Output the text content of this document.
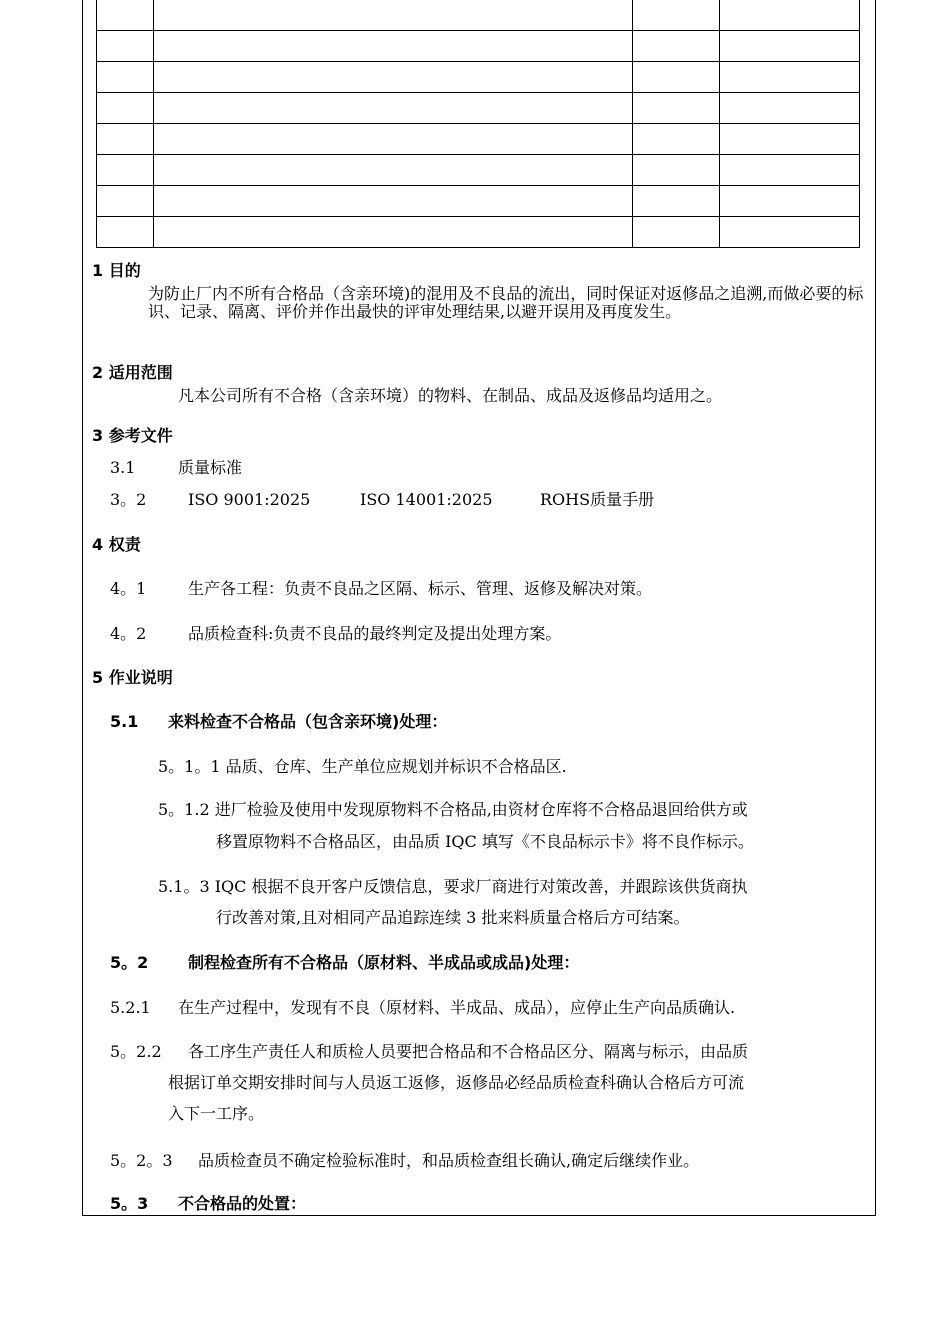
1 目的
为防止厂内不所有合格品（含亲环境)的混用及不良品的流出，同时保证对返修品之追溯,而做必要的标识、记录、隔离、评价并作出最快的评审处理结果,以避开误用及再度发生。
2 适用范围
凡本公司所有不合格（含亲环境）的物料、在制品、成品及返修品均适用之。
3 参考文件
3.1	质量标准
3。2	ISO 9001:2025	ISO 14001:2025	ROHS质量手册
4 权责
4。1	生产各工程：负责不良品之区隔、标示、管理、返修及解决对策。
4。2	品质检查科:负责不良品的最终判定及提出处理方案。
5 作业说明
5.1 来料检查不合格品（包含亲环境)处理：
5。1。1 品质、仓库、生产单位应规划并标识不合格品区.
5。1.2 进厂检验及使用中发现原物料不合格品,由资材仓库将不合格品退回给供方或
移置原物料不合格品区，由品质 IQC 填写《不良品标示卡》将不良作标示。
5.1。3 IQC 根据不良开客户反馈信息，要求厂商进行对策改善，并跟踪该供货商执
行改善对策,且对相同产品追踪连续 3 批来料质量合格后方可结案。
5。2 制程检查所有不合格品（原材料、半成品或成品)处理：
5.2.1 在生产过程中，发现有不良（原材料、半成品、成品），应停止生产向品质确认.
5。2.2 各工序生产责任人和质检人员要把合格品和不合格品区分、隔离与标示，由品质
根据订单交期安排时间与人员返工返修，返修品必经品质检查科确认合格后方可流
入下一工序。
5。2。3 品质检查员不确定检验标准时，和品质检查组长确认,确定后继续作业。
5。3 不合格品的处置：
